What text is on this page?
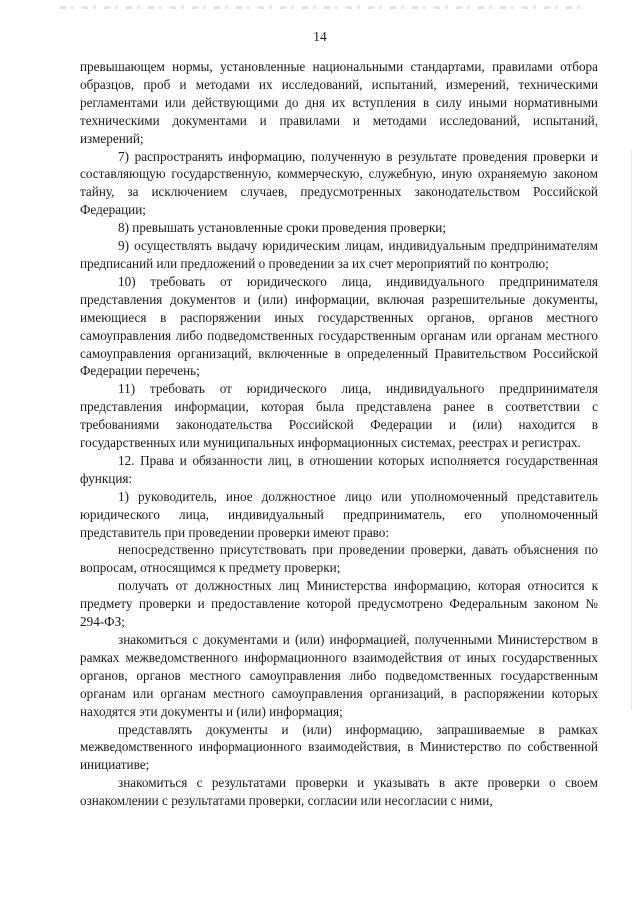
14

превышающем нормы, установленные национальными стандартами, правилами отбора образцов, проб и методами их исследований, испытаний, измерений, техническими регламентами или действующими до дня их вступления в силу иными нормативными техническими документами и правилами и методами исследований, испытаний, измерений;

7) распространять информацию, полученную в результате проведения проверки и составляющую государственную, коммерческую, служебную, иную охраняемую законом тайну, за исключением случаев, предусмотренных законодательством Российской Федерации;

8) превышать установленные сроки проведения проверки;

9) осуществлять выдачу юридическим лицам, индивидуальным предпринимателям предписаний или предложений о проведении за их счет мероприятий по контролю;

10) требовать от юридического лица, индивидуального предпринимателя представления документов и (или) информации, включая разрешительные документы, имеющиеся в распоряжении иных государственных органов, органов местного самоуправления либо подведомственных государственным органам или органам местного самоуправления организаций, включенные в определенный Правительством Российской Федерации перечень;

11) требовать от юридического лица, индивидуального предпринимателя представления информации, которая была представлена ранее в соответствии с требованиями законодательства Российской Федерации и (или) находится в государственных или муниципальных информационных системах, реестрах и регистрах.

12. Права и обязанности лиц, в отношении которых исполняется государственная функция:

1) руководитель, иное должностное лицо или уполномоченный представитель юридического лица, индивидуальный предприниматель, его уполномоченный представитель при проведении проверки имеют право:

непосредственно присутствовать при проведении проверки, давать объяснения по вопросам, относящимся к предмету проверки;

получать от должностных лиц Министерства информацию, которая относится к предмету проверки и предоставление которой предусмотрено Федеральным законом № 294-ФЗ;

знакомиться с документами и (или) информацией, полученными Министерством в рамках межведомственного информационного взаимодействия от иных государственных органов, органов местного самоуправления либо подведомственных государственным органам или органам местного самоуправления организаций, в распоряжении которых находятся эти документы и (или) информация;

представлять документы и (или) информацию, запрашиваемые в рамках межведомственного информационного взаимодействия, в Министерство по собственной инициативе;

знакомиться с результатами проверки и указывать в акте проверки о своем ознакомлении с результатами проверки, согласии или несогласии с ними,
